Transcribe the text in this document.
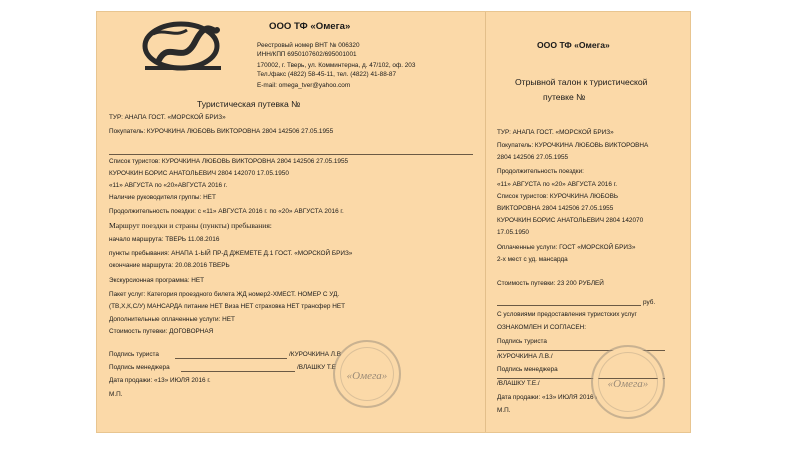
ООО ТФ «Омега»
Реестровый номер ВНТ № 006320
ИНН/КПП 6950107602/695001001
170002, г. Тверь, ул. Комминтерна, д. 47/102, оф. 203
Тел./факс (4822) 58-45-11, тел. (4822) 41-88-87
E-mail: omega_tver@yahoo.com
Туристическая путевка №
ТУР: АНАПА ГОСТ. «МОРСКОЙ БРИЗ»
Покупатель: КУРОЧКИНА ЛЮБОВЬ ВИКТОРОВНА 2804 142506 27.05.1955
Список туристов: КУРОЧКИНА ЛЮБОВЬ ВИКТОРОВНА 2804 142506 27.05.1955
КУРОЧКИН БОРИС АНАТОЛЬЕВИЧ 2804 142070 17.05.1950
«11» АВГУСТА по «20»АВГУСТА 2016 г.
Наличие руководителя группы: НЕТ
Продолжительность поездки: с «11» АВГУСТА 2016 г. по «20» АВГУСТА 2016 г.
Маршрут поездки и страны (пункты) пребывания:
начало маршрута: ТВЕРЬ 11.08.2016
пункты пребывания: АНАПА 1-ЫЙ ПР-Д ДЖЕМЕТЕ Д.1 ГОСТ. «МОРСКОЙ БРИЗ»
окончание маршрута: 20.08.2016 ТВЕРЬ
Экскурсионная программа: НЕТ
Пакет услуг: Категория проездного билета ЖД номер2-ХМЕСТ. НОМЕР С УД.
(ТВ,Х,К,С/У) МАНСАРДА питание НЕТ Виза НЕТ страховка НЕТ трансфер НЕТ
Дополнительные оплаченные услуги: НЕТ
Стоимость путевки: ДОГОВОРНАЯ
Подпись туриста	/КУРОЧКИНА Л.В./
Подпись менеджера	/ВЛАШКУ Т.Е./
Дата продажи: «13» ИЮЛЯ 2016 г.
М.П.
«Омега»
ООО ТФ «Омега»
Отрывной талон к туристической
путевке №
ТУР: АНАПА ГОСТ. «МОРСКОЙ БРИЗ»
Покупатель: КУРОЧКИНА ЛЮБОВЬ ВИКТОРОВНА
2804 142506 27.05.1955
Продолжительность поездки:
«11» АВГУСТА по «20» АВГУСТА 2016 г.
Список туристов: КУРОЧКИНА ЛЮБОВЬ
ВИКТОРОВНА 2804 142506 27.05.1955
КУРОЧКИН БОРИС АНАТОЛЬЕВИЧ 2804 142070
17.05.1950
Оплаченные услуги: ГОСТ «МОРСКОЙ БРИЗ»
2-х мест с уд. мансарда
Стоимость путевки: 23 200 РУБЛЕЙ
руб.
С условиями предоставления туристских услуг
ОЗНАКОМЛЕН И СОГЛАСЕН:
Подпись туриста
/КУРОЧКИНА Л.В./
Подпись менеджера
/ВЛАШКУ Т.Е./
Дата продажи: «13» ИЮЛЯ 2016 г.
М.П.
«Омега»
